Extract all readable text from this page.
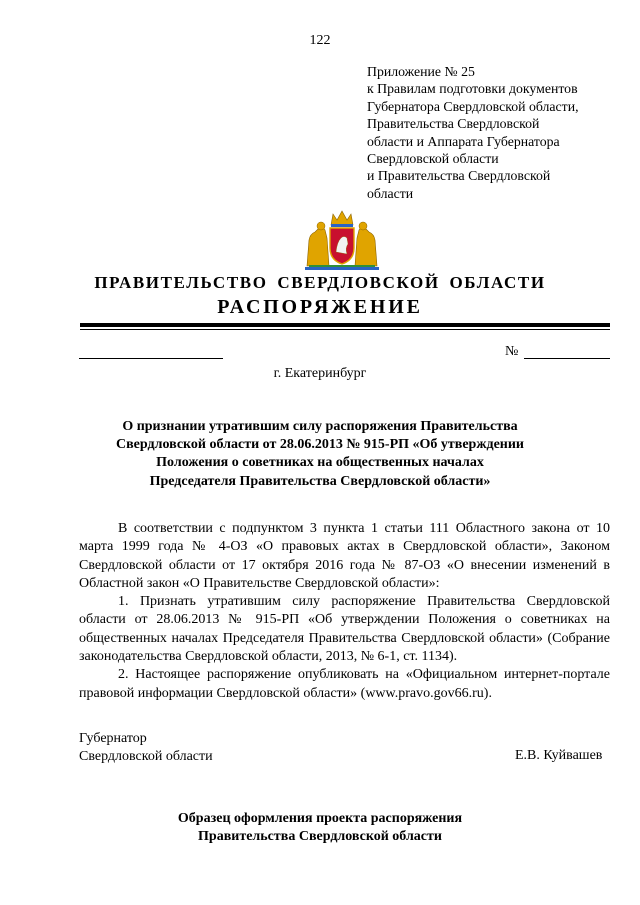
122
Приложение № 25
к Правилам подготовки документов
Губернатора Свердловской области,
Правительства Свердловской
области и Аппарата Губернатора
Свердловской области
и Правительства Свердловской
области
ПРАВИТЕЛЬСТВО СВЕРДЛОВСКОЙ ОБЛАСТИ
РАСПОРЯЖЕНИЕ
№
г. Екатеринбург
О признании утратившим силу распоряжения Правительства
Свердловской области от 28.06.2013 № 915-РП «Об утверждении
Положения о советниках на общественных началах
Председателя Правительства Свердловской области»

В соответствии с подпунктом 3 пункта 1 статьи 111 Областного закона от 10 марта 1999 года № 4-ОЗ «О правовых актах в Свердловской области», Законом Свердловской области от 17 октября 2016 года № 87-ОЗ «О внесении изменений в Областной закон «О Правительстве Свердловской области»:

1. Признать утратившим силу распоряжение Правительства Свердловской области от 28.06.2013 № 915-РП «Об утверждении Положения о советниках на общественных началах Председателя Правительства Свердловской области» (Собрание законодательства Свердловской области, 2013, № 6-1, ст. 1134).

2. Настоящее распоряжение опубликовать на «Официальном интернет-портале правовой информации Свердловской области» (www.pravo.gov66.ru).

Губернатор
Свердловской области	Е.В. Куйвашев
Образец оформления проекта распоряжения
Правительства Свердловской области
